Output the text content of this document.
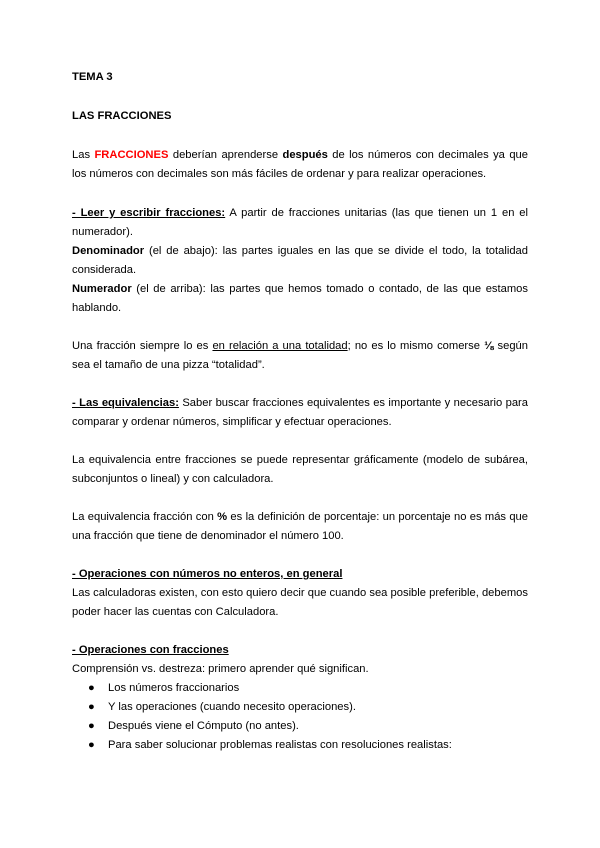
TEMA 3

LAS FRACCIONES

Las FRACCIONES deberían aprenderse después de los números con decimales ya que los números con decimales son más fáciles de ordenar y para realizar operaciones.

- Leer y escribir fracciones: A partir de fracciones unitarias (las que tienen un 1 en el numerador).

Denominador (el de abajo): las partes iguales en las que se divide el todo, la totalidad considerada.

Numerador (el de arriba): las partes que hemos tomado o contado, de las que estamos hablando.

Una fracción siempre lo es en relación a una totalidad; no es lo mismo comerse ⅛ según sea el tamaño de una pizza “totalidad”.

- Las equivalencias: Saber buscar fracciones equivalentes es importante y necesario para comparar y ordenar números, simplificar y efectuar operaciones.

La equivalencia entre fracciones se puede representar gráficamente (modelo de subárea, subconjuntos o lineal) y con calculadora.

La equivalencia fracción con % es la definición de porcentaje: un porcentaje no es más que una fracción que tiene de denominador el número 100.

- Operaciones con números no enteros, en general

Las calculadoras existen, con esto quiero decir que cuando sea posible preferible, debemos poder hacer las cuentas con Calculadora.

- Operaciones con fracciones

Comprensión vs. destreza: primero aprender qué significan.

● Los números fraccionarios
● Y las operaciones (cuando necesito operaciones).
● Después viene el Cómputo (no antes).
● Para saber solucionar problemas realistas con resoluciones realistas:
